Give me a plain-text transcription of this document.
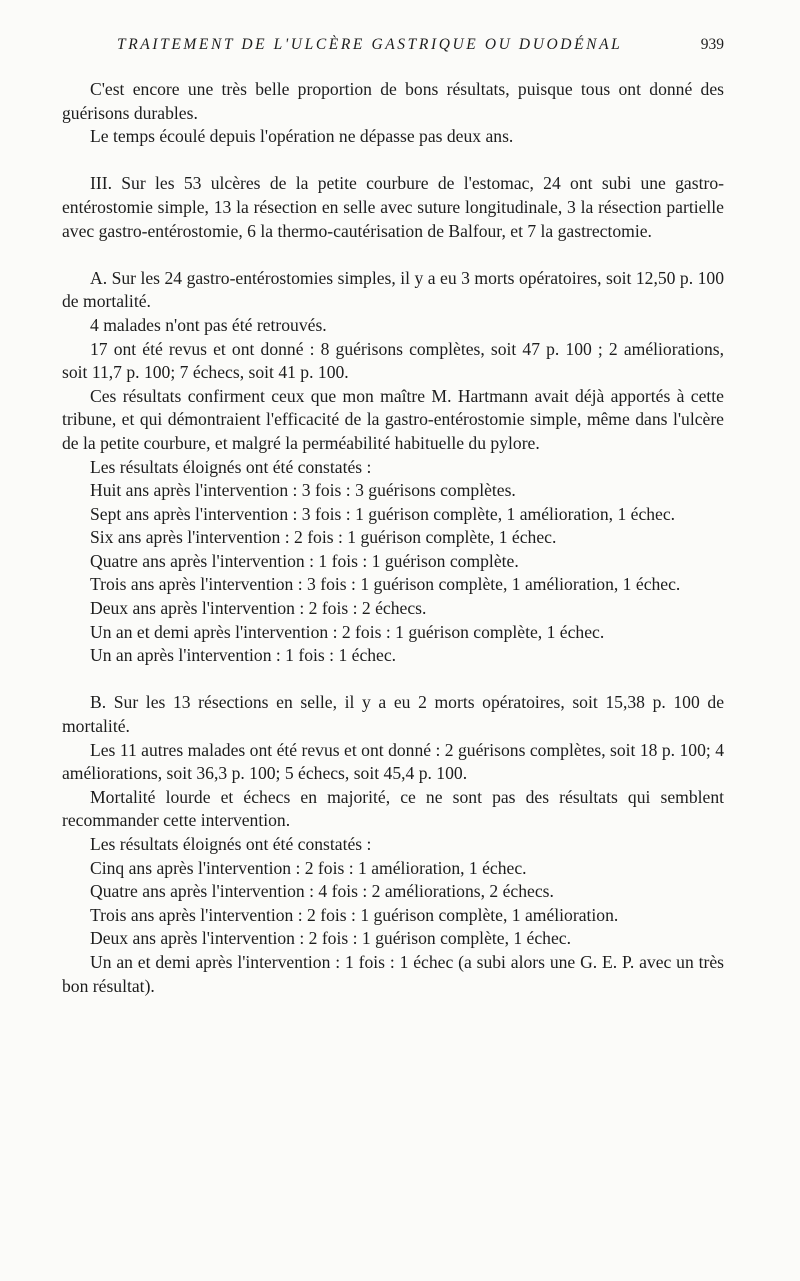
TRAITEMENT DE L'ULCÈRE GASTRIQUE OU DUODÉNAL	939

C'est encore une très belle proportion de bons résultats, puisque tous ont donné des guérisons durables.

Le temps écoulé depuis l'opération ne dépasse pas deux ans.

III. Sur les 53 ulcères de la petite courbure de l'estomac, 24 ont subi une gastro-entérostomie simple, 13 la résection en selle avec suture longitudinale, 3 la résection partielle avec gastro-entérostomie, 6 la thermo-cautérisation de Balfour, et 7 la gastrectomie.

A. Sur les 24 gastro-entérostomies simples, il y a eu 3 morts opératoires, soit 12,50 p. 100 de mortalité.

4 malades n'ont pas été retrouvés.

17 ont été revus et ont donné : 8 guérisons complètes, soit 47 p. 100 ; 2 améliorations, soit 11,7 p. 100; 7 échecs, soit 41 p. 100.

Ces résultats confirment ceux que mon maître M. Hartmann avait déjà apportés à cette tribune, et qui démontraient l'efficacité de la gastro-entérostomie simple, même dans l'ulcère de la petite courbure, et malgré la perméabilité habituelle du pylore.

Les résultats éloignés ont été constatés :

Huit ans après l'intervention : 3 fois : 3 guérisons complètes.

Sept ans après l'intervention : 3 fois : 1 guérison complète, 1 amélioration, 1 échec.

Six ans après l'intervention : 2 fois : 1 guérison complète, 1 échec.

Quatre ans après l'intervention : 1 fois : 1 guérison complète.

Trois ans après l'intervention : 3 fois : 1 guérison complète, 1 amélioration, 1 échec.

Deux ans après l'intervention : 2 fois : 2 échecs.

Un an et demi après l'intervention : 2 fois : 1 guérison complète, 1 échec.

Un an après l'intervention : 1 fois : 1 échec.

B. Sur les 13 résections en selle, il y a eu 2 morts opératoires, soit 15,38 p. 100 de mortalité.

Les 11 autres malades ont été revus et ont donné : 2 guérisons complètes, soit 18 p. 100; 4 améliorations, soit 36,3 p. 100; 5 échecs, soit 45,4 p. 100.

Mortalité lourde et échecs en majorité, ce ne sont pas des résultats qui semblent recommander cette intervention.

Les résultats éloignés ont été constatés :

Cinq ans après l'intervention : 2 fois : 1 amélioration, 1 échec.

Quatre ans après l'intervention : 4 fois : 2 améliorations, 2 échecs.

Trois ans après l'intervention : 2 fois : 1 guérison complète, 1 amélioration.

Deux ans après l'intervention : 2 fois : 1 guérison complète, 1 échec.

Un an et demi après l'intervention : 1 fois : 1 échec (a subi alors une G. E. P. avec un très bon résultat).
